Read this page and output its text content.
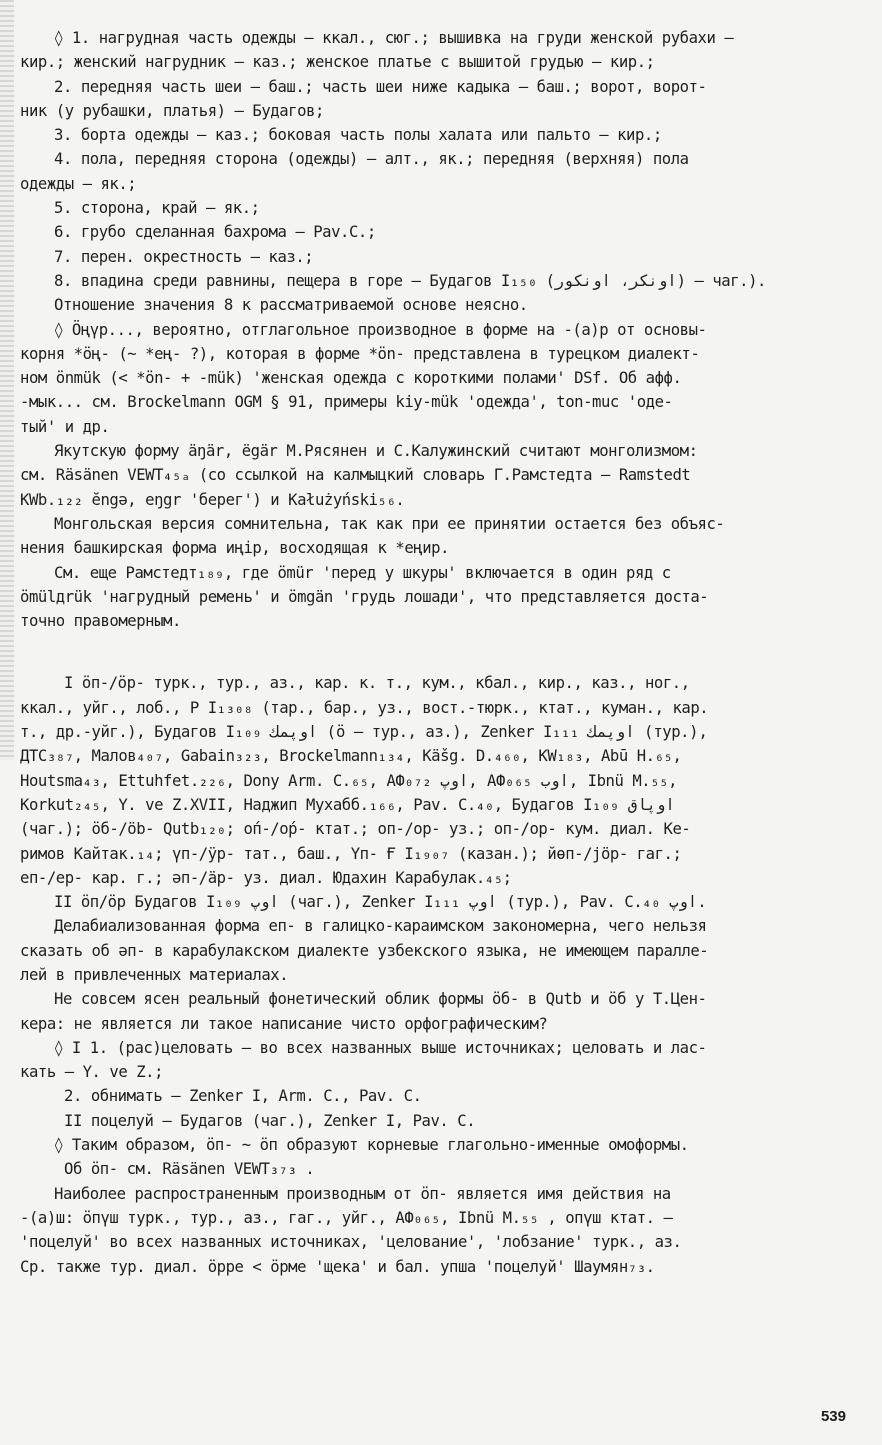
◊ 1. нагрудная часть одежды – ккал., сюг.; вышивка на груди женской рубахи –
кир.; женский нагрудник – каз.; женское платье с вышитой грудью – кир.;
2. передняя часть шеи – баш.; часть шеи ниже кадыка – баш.; ворот, ворот-
ник (у рубашки, платья) – Будагов;
3. борта одежды – каз.; боковая часть полы халата или пальто – кир.;
4. пола, передняя сторона (одежды) – алт., як.; передняя (верхняя) пола
одежды – як.;
5. сторона, край – як.;
6. грубо сделанная бахрома – Pav.C.;
7. перен. окрестность – каз.;
8. впадина среди равнины, пещера в горе – Будагов I₁₅₀ (اونكر، اونكور) – чаг.).
Отношение значения 8 к рассматриваемой основе неясно.
◊ Ӧңүр..., вероятно, отглагольное производное в форме на -(а)р от основы-
корня *ӧң- (~ *ең- ?), которая в форме *ӧn- представлена в турецком диалект-
ном ӧnmük (< *ӧn- + -mük) 'женская одежда с короткими полами' DSf. Об афф.
-мык... см. Brockelmann OGM § 91, примеры kiy-mük 'одежда', ton-muc 'оде-
тый' и др.
Якутскую форму äŋär, ëgär М.Рясянен и С.Калужинский считают монголизмом:
см. Räsänen VEWT₄₅ₐ (со ссылкой на калмыцкий словарь Г.Рамстедта – Ramstedt
KWb.₁₂₂ ӗngә, eŋgr 'берег') и Kałużyński₅₆.
Монгольская версия сомнительна, так как при ее принятии остается без объяс-
нения башкирская форма иңір, восходящая к *еңир.
См. еще Рамстедт₁₈₉, где ӧmür 'перед у шкуры' включается в один ряд с
ӧmülдrük 'нагрудный ремень' и ӧmgän 'грудь лошади', что представляется доста-
точно правомерным.
I ӧп-/ӧр- турк., тур., аз., кар. к. т., кум., кбал., кир., каз., ног.,
ккал., уйг., лоб., Р I₁₃₀₈ (тар., бар., уз., вост.-тюрк., ктат., куман., кар.
т., др.-уйг.), Будагов I₁₀₉ اوپمك (ӧ – тур., аз.), Zenker I₁₁₁ اوپمك (тур.),
ДТС₃₈₇, Малов₄₀₇, Gabain₃₂₃, Brockelmann₁₃₄, Käšg. D.₄₆₀, KW₁₈₃, Abū H.₆₅,
Houtsma₄₃, Ettuhfet.₂₂₆, Dony Arm. C.₆₅, АФ₀₇₂ اوپ, АФ₀₆₅ اوب, Ibnü M.₅₅,
Korkut₂₄₅, Y. ve Z.XVII, Наджип Мухабб.₁₆₆, Pav. C.₄₀, Будагов I₁₀₉ اوپاق
(чаг.); ӧб-/öb- Qutb₁₂₀; оп́-/ор́- ктат.; оп-/ор- уз.; оп-/ор- кум. диал. Ке-
римов Кайтак.₁₄; үп-/ӱр- тат., баш., Үп- Ғ I₁₉₀₇ (казан.); йөп-/jöр- гаг.;
еп-/ер- кар. г.; әп-/äр- уз. диал. Юдахин Карабулак.₄₅;
II ӧп/ӧр Будагов I₁₀₉ اوپ (чаг.), Zenker I₁₁₁ اوپ (тур.), Pav. C.₄₀ اوپ.
Делабиализованная форма еп- в галицко-караимском закономерна, чего нельзя
сказать об әп- в карабулакском диалекте узбекского языка, не имеющем паралле-
лей в привлеченных материалах.
Не совсем ясен реальный фонетический облик формы ӧб- в Qutb и ӧб у Т.Цен-
кера: не является ли такое написание чисто орфографическим?
◊ I 1. (рас)целовать – во всех названных выше источниках; целовать и лас-
кать – Y. ve Z.;
2. обнимать – Zenker I, Arm. C., Pav. C.
II поцелуй – Будагов (чаг.), Zenker I, Pav. C.
◊ Таким образом, ӧп- ~ ӧп образуют корневые глагольно-именные омоформы.
Об ӧп- см. Räsänen VEWT₃₇₃ .
Наиболее распространенным производным от ӧп- является имя действия на
-(а)ш: ӧпүш турк., тур., аз., гаг., уйг., АФ₀₆₅, Ibnü M.₅₅ , опүш ктат. –
'поцелуй' во всех названных источниках, 'целование', 'лобзание' турк., аз.
Ср. также тур. диал. ӧрре < ӧрме 'щека' и бал. упша 'поцелуй' Шаумян₇₃.
539
